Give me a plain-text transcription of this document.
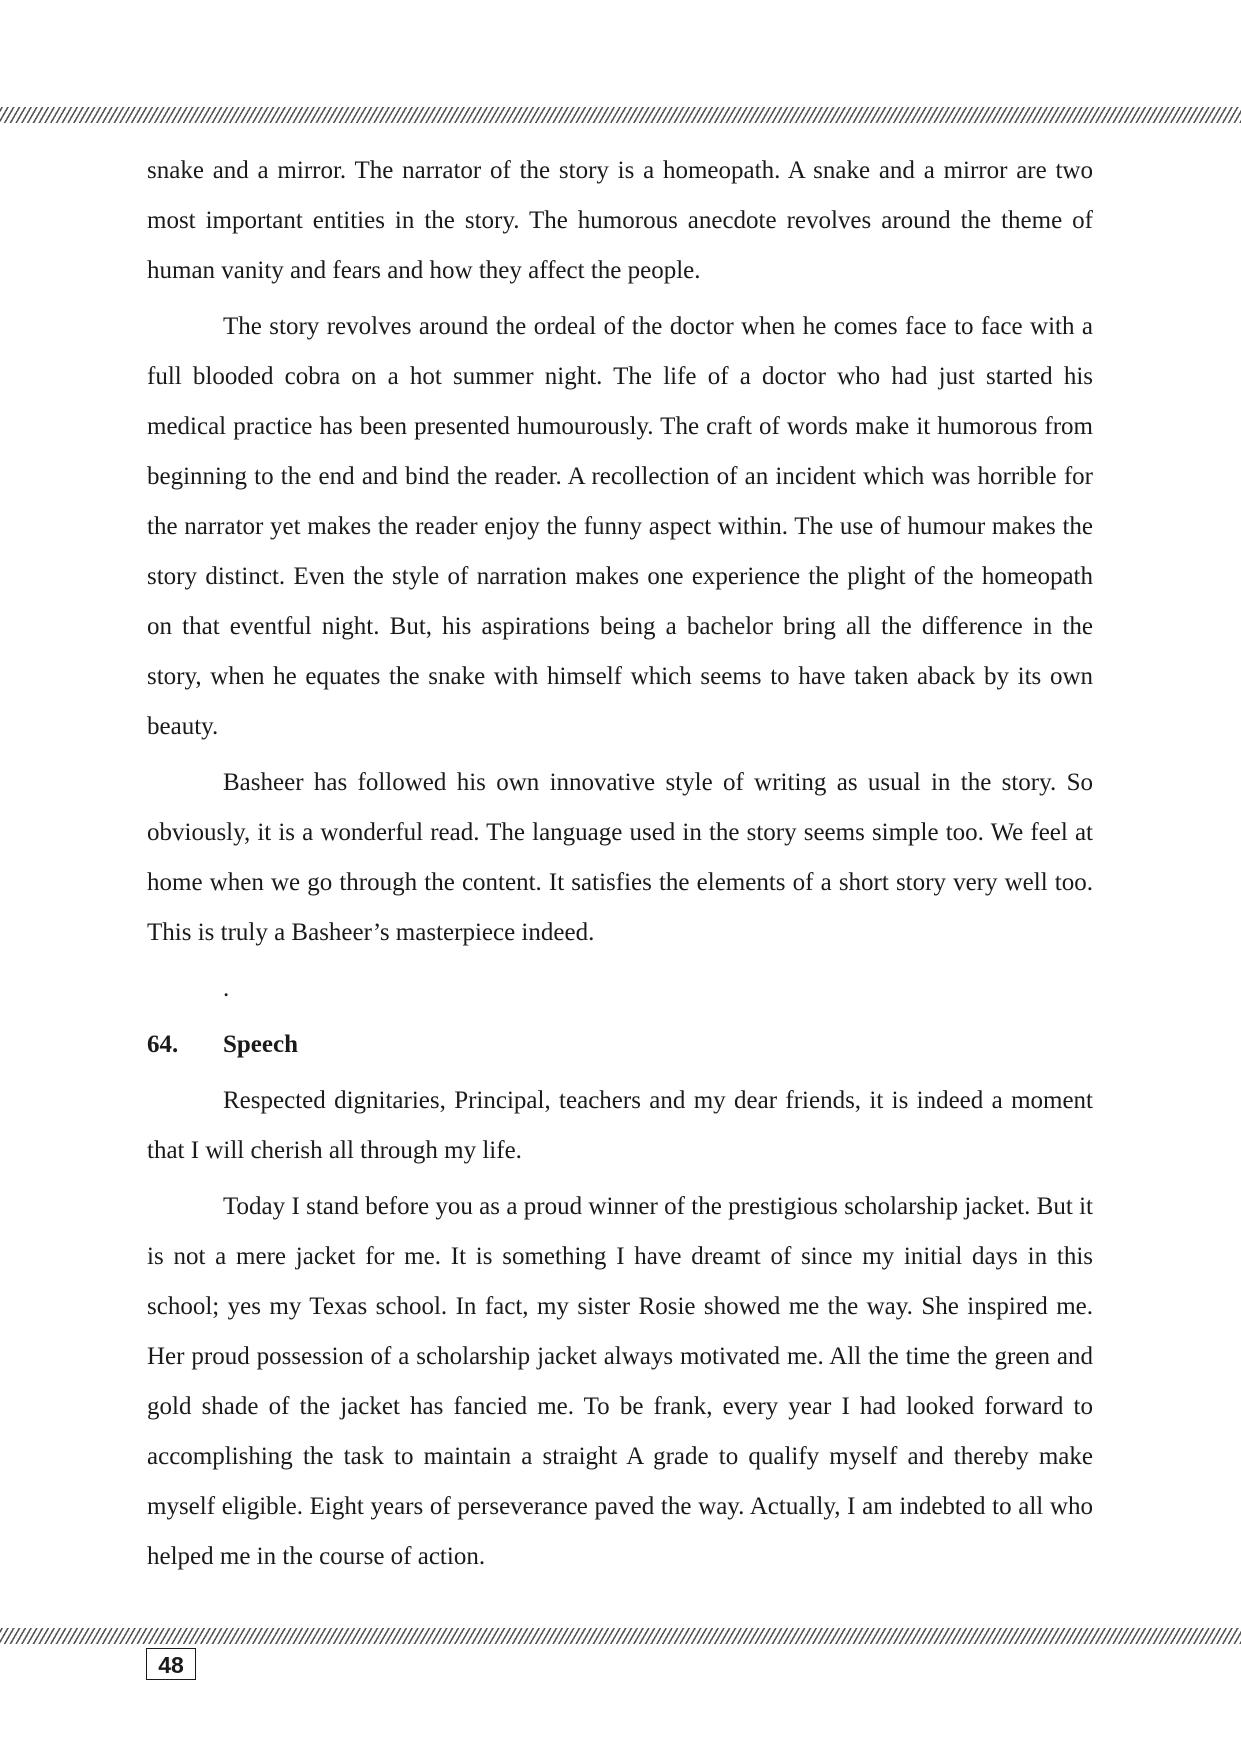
snake and a mirror. The narrator of the story is a homeopath. A snake and a mirror are two most important entities in the story. The humorous anecdote revolves around the theme of human vanity and fears and how they affect the people.

The story revolves around the ordeal of the doctor when he comes face to face with a full blooded cobra on a hot summer night. The life of a doctor who had just started his medical practice has been presented humourously. The craft of words make it humorous from beginning to the end and bind the reader. A recollection of an incident which was horrible for the narrator yet makes the reader enjoy the funny aspect within. The use of humour makes the story distinct. Even the style of narration makes one experience the plight of the homeopath on that eventful night. But, his aspirations being a bachelor bring all the difference in the story, when he equates the snake with himself which seems to have taken aback by its own beauty.

Basheer has followed his own innovative style of writing as usual in the story. So obviously, it is a wonderful read. The language used in the story seems simple too. We feel at home when we go through the content. It satisfies the elements of a short story very well too. This is truly a Basheer’s masterpiece indeed.

.
64.	Speech

Respected dignitaries, Principal, teachers and my dear friends, it is indeed a moment that I will cherish all through my life.

Today I stand before you as a proud winner of the prestigious scholarship jacket. But it is not a mere jacket for me. It is something I have dreamt of since my initial days in this school; yes my Texas school. In fact, my sister Rosie showed me the way. She inspired me. Her proud possession of a scholarship jacket always motivated me. All the time the green and gold shade of the jacket has fancied me. To be frank, every year I had looked forward to accomplishing the task to maintain a straight A grade to qualify myself and thereby make myself eligible. Eight years of perseverance paved the way. Actually, I am indebted to all who helped me in the course of action.

48
